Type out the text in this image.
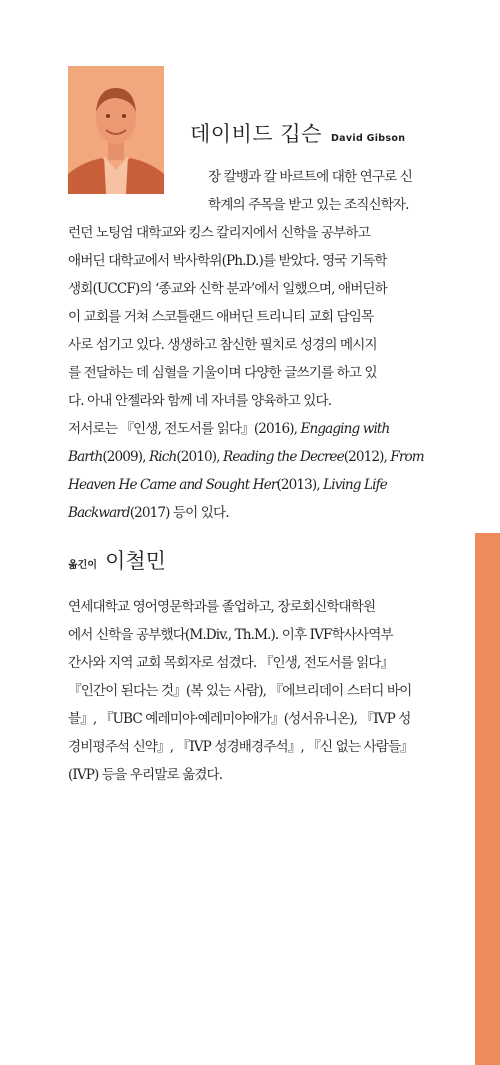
데이비드 깁슨 David Gibson
장 칼뱅과 칼 바르트에 대한 연구로 신
학계의 주목을 받고 있는 조직신학자.
런던 노팅엄 대학교와 킹스 칼리지에서 신학을 공부하고
애버딘 대학교에서 박사학위(Ph.D.)를 받았다. 영국 기독학
생회(UCCF)의 ‘종교와 신학 분과’에서 일했으며, 애버딘하
이 교회를 거쳐 스코틀랜드 애버딘 트리니티 교회 담임목
사로 섬기고 있다. 생생하고 참신한 필치로 성경의 메시지
를 전달하는 데 심혈을 기울이며 다양한 글쓰기를 하고 있
다. 아내 안젤라와 함께 네 자녀를 양육하고 있다.
저서로는 『인생, 전도서를 읽다』(2016), Engaging with
Barth(2009), Rich(2010), Reading the Decree(2012), From
Heaven He Came and Sought Her(2013), Living Life
Backward(2017) 등이 있다.
옮긴이 이철민
연세대학교 영어영문학과를 졸업하고, 장로회신학대학원
에서 신학을 공부했다(M.Div., Th.M.). 이후 IVF학사사역부
간사와 지역 교회 목회자로 섬겼다. 『인생, 전도서를 읽다』
『인간이 된다는 것』(복 있는 사람), 『에브리데이 스터디 바이
블』, 『UBC 예레미야·예레미야애가』(성서유니온), 『IVP 성
경비평주석 신약』, 『IVP 성경배경주석』, 『신 없는 사람들』
(IVP) 등을 우리말로 옮겼다.
